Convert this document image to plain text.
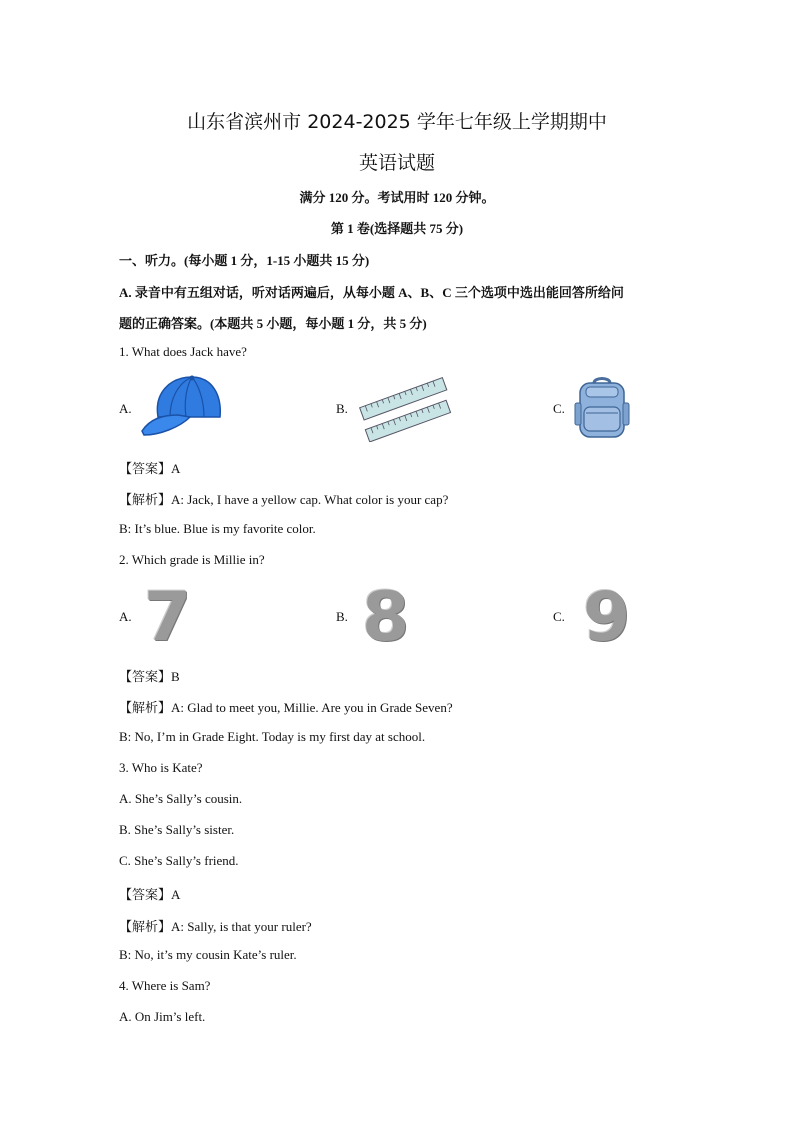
山东省滨州市 2024-2025 学年七年级上学期期中
英语试题
满分 120 分。考试用时 120 分钟。
第 1 卷(选择题共 75 分)
一、听力。(每小题 1 分，1-15 小题共 15 分)
A. 录音中有五组对话，听对话两遍后，从每小题 A、B、C 三个选项中选出能回答所给问
题的正确答案。(本题共 5 小题，每小题 1 分，共 5 分)
1. What does Jack have?
A.	B.	C.
【答案】A
【解析】A: Jack, I have a yellow cap. What color is your cap?
B: It’s blue. Blue is my favorite color.
2. Which grade is Millie in?
A. 7	B. 8	C. 9
【答案】B
【解析】A: Glad to meet you, Millie. Are you in Grade Seven?
B: No, I’m in Grade Eight. Today is my first day at school.
3. Who is Kate?
A. She’s Sally’s cousin.
B. She’s Sally’s sister.
C. She’s Sally’s friend.
【答案】A
【解析】A: Sally, is that your ruler?
B: No, it’s my cousin Kate’s ruler.
4. Where is Sam?
A. On Jim’s left.
